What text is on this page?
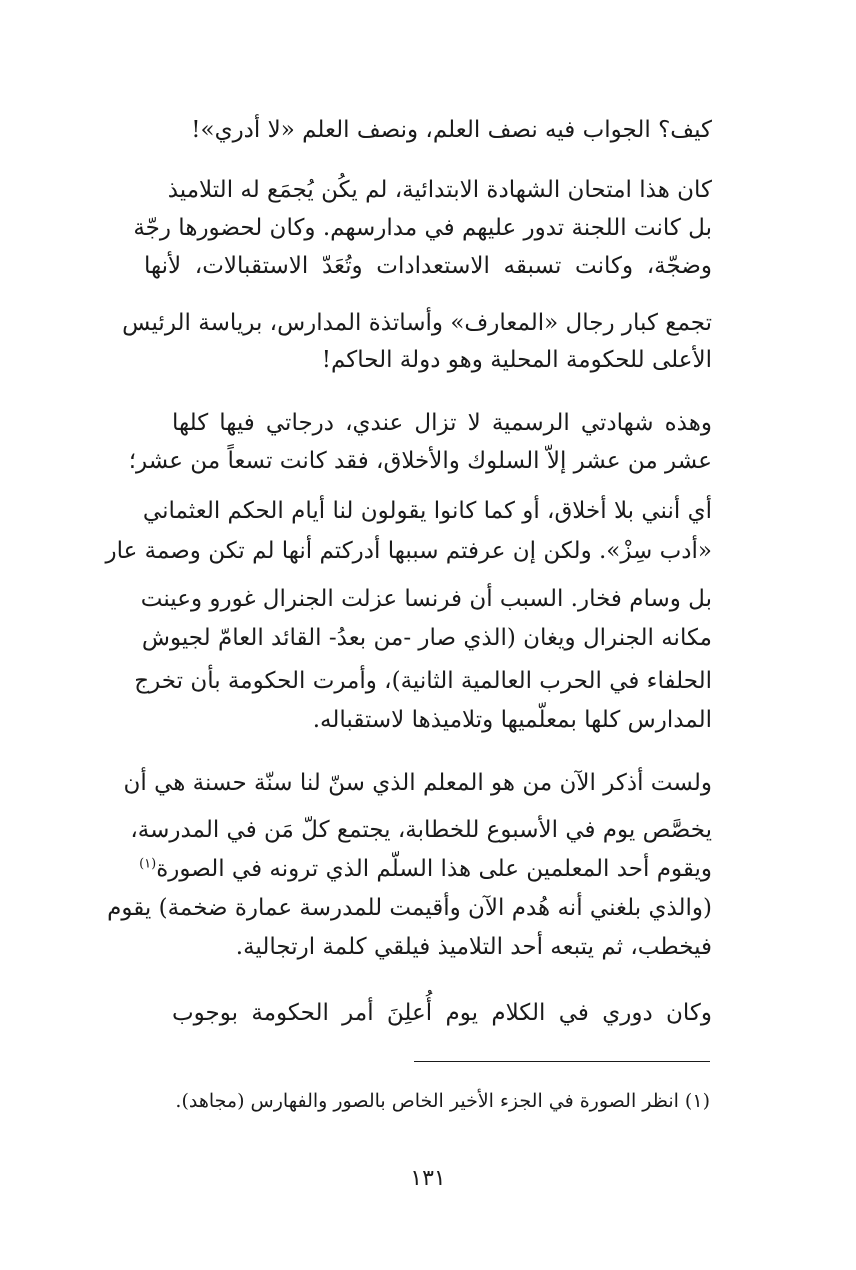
كيف؟ الجواب فيه نصف العلم، ونصف العلم «لا أدري»!
كان هذا امتحان الشهادة الابتدائية، لم يكُن يُجمَع له التلاميذ
بل كانت اللجنة تدور عليهم في مدارسهم. وكان لحضورها رجّة
وضجّة، وكانت تسبقه الاستعدادات وتُعَدّ الاستقبالات، لأنها
تجمع كبار رجال «المعارف» وأساتذة المدارس، برياسة الرئيس
الأعلى للحكومة المحلية وهو دولة الحاكم!
وهذه شهادتي الرسمية لا تزال عندي، درجاتي فيها كلها
عشر من عشر إلاّ السلوك والأخلاق، فقد كانت تسعاً من عشر؛
أي أنني بلا أخلاق، أو كما كانوا يقولون لنا أيام الحكم العثماني
«أدب سِزْ». ولكن إن عرفتم سببها أدركتم أنها لم تكن وصمة عار
بل وسام فخار. السبب أن فرنسا عزلت الجنرال غورو وعينت
مكانه الجنرال ويغان (الذي صار -من بعدُ- القائد العامّ لجيوش
الحلفاء في الحرب العالمية الثانية)، وأمرت الحكومة بأن تخرج
المدارس كلها بمعلّميها وتلاميذها لاستقباله.
ولست أذكر الآن من هو المعلم الذي سنّ لنا سنّة حسنة هي أن
يخصَّص يوم في الأسبوع للخطابة، يجتمع كلّ مَن في المدرسة،
ويقوم أحد المعلمين على هذا السلّم الذي ترونه في الصورة$^{(١)}$
(والذي بلغني أنه هُدم الآن وأقيمت للمدرسة عمارة ضخمة) يقوم
فيخطب، ثم يتبعه أحد التلاميذ فيلقي كلمة ارتجالية.
وكان دوري في الكلام يوم أُعلِنَ أمر الحكومة بوجوب
(١) انظر الصورة في الجزء الأخير الخاص بالصور والفهارس (مجاهد).
١٣١
